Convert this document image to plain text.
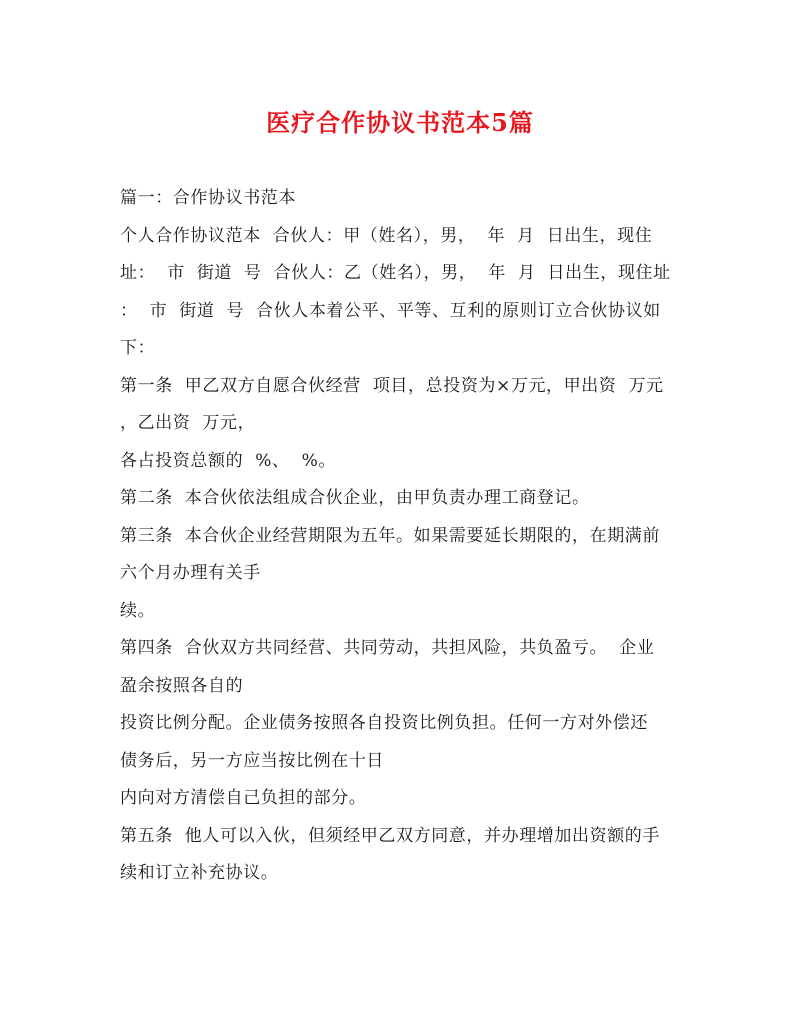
医疗合作协议书范本5篇
篇一：合作协议书范本
个人合作协议范本  合伙人：甲（姓名），男，  年  月  日出生，现住
址：  市  街道  号  合伙人：乙（姓名），男，  年  月  日出生，现住址
：  市  街道  号  合伙人本着公平、平等、互利的原则订立合伙协议如
下：
第一条  甲乙双方自愿合伙经营  项目，总投资为×万元，甲出资  万元
，乙出资  万元，
各占投资总额的  %、  %。
第二条  本合伙依法组成合伙企业，由甲负责办理工商登记。
第三条  本合伙企业经营期限为五年。如果需要延长期限的，在期满前
六个月办理有关手
续。
第四条  合伙双方共同经营、共同劳动，共担风险，共负盈亏。  企业
盈余按照各自的
投资比例分配。企业债务按照各自投资比例负担。任何一方对外偿还
债务后，另一方应当按比例在十日
内向对方清偿自己负担的部分。
第五条  他人可以入伙，但须经甲乙双方同意，并办理增加出资额的手
续和订立补充协议。
